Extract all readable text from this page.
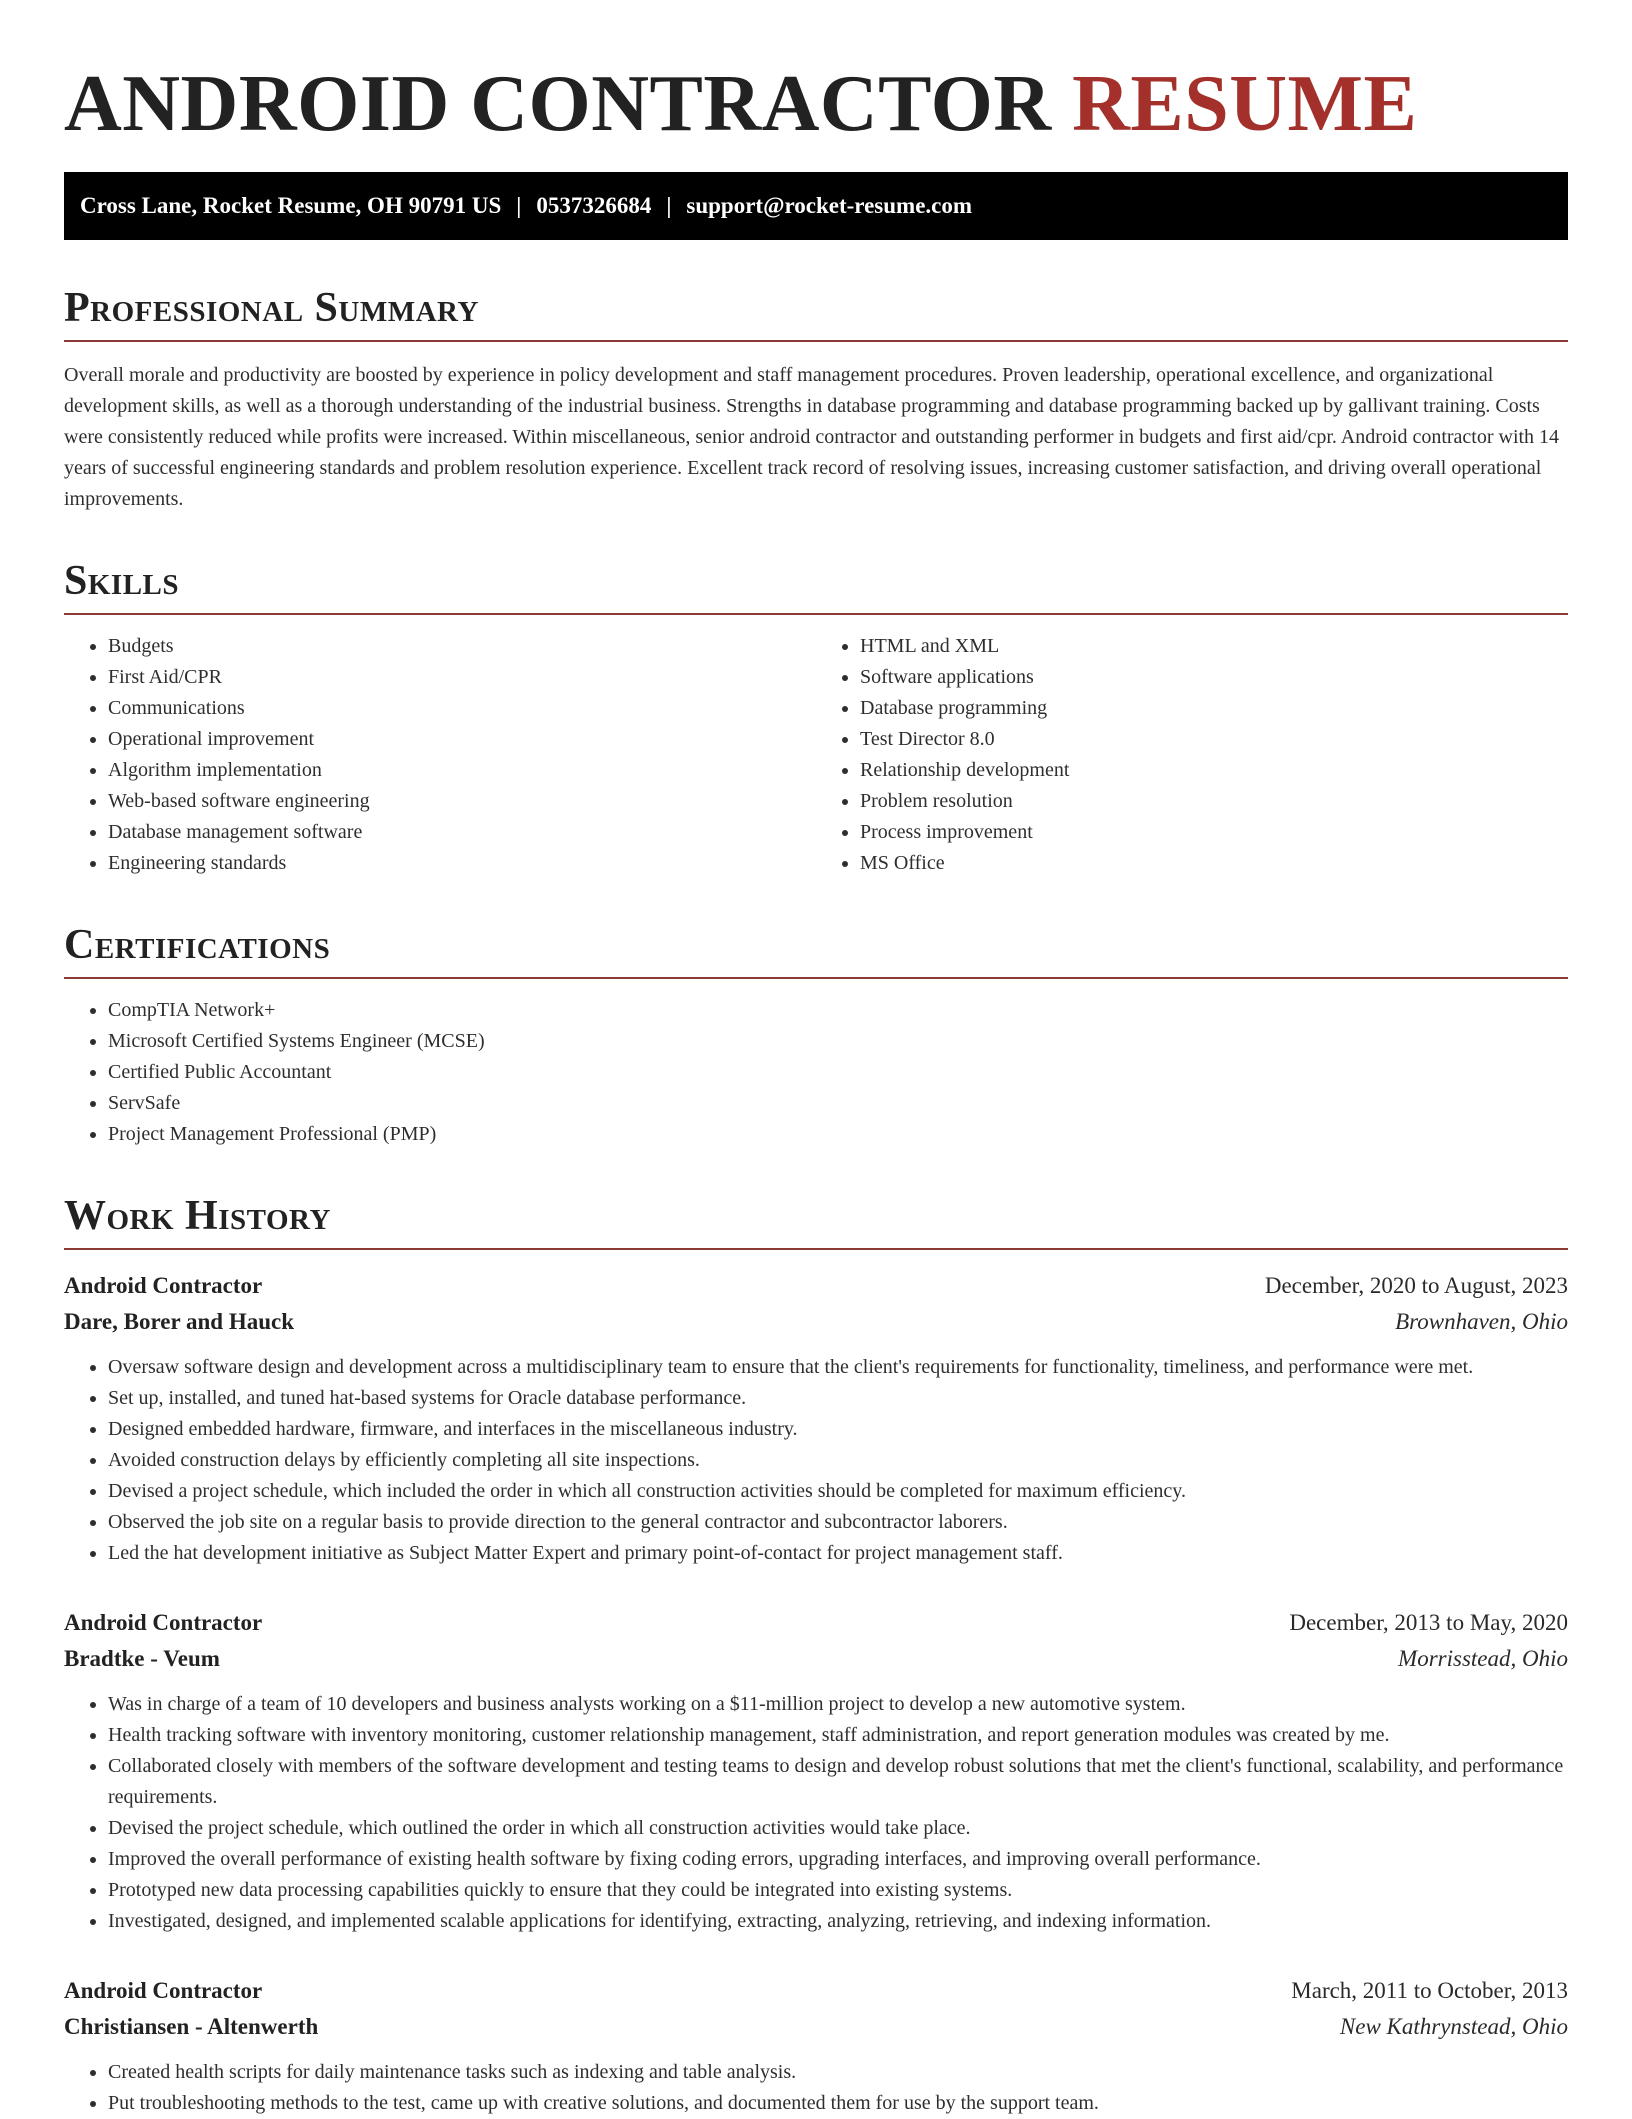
ANDROID CONTRACTOR RESUME
Cross Lane, Rocket Resume, OH 90791 US | 0537326684 | support@rocket-resume.com
Professional Summary

Overall morale and productivity are boosted by experience in policy development and staff management procedures. Proven leadership, operational excellence, and organizational development skills, as well as a thorough understanding of the industrial business. Strengths in database programming and database programming backed up by gallivant training. Costs were consistently reduced while profits were increased. Within miscellaneous, senior android contractor and outstanding performer in budgets and first aid/cpr. Android contractor with 14 years of successful engineering standards and problem resolution experience. Excellent track record of resolving issues, increasing customer satisfaction, and driving overall operational improvements.

Skills
• Budgets
• First Aid/CPR
• Communications
• Operational improvement
• Algorithm implementation
• Web-based software engineering
• Database management software
• Engineering standards
• HTML and XML
• Software applications
• Database programming
• Test Director 8.0
• Relationship development
• Problem resolution
• Process improvement
• MS Office
Certifications
• CompTIA Network+
• Microsoft Certified Systems Engineer (MCSE)
• Certified Public Accountant
• ServSafe
• Project Management Professional (PMP)
Work History
Android Contractor	December, 2020 to August, 2023
Dare, Borer and Hauck	Brownhaven, Ohio
• Oversaw software design and development across a multidisciplinary team to ensure that the client's requirements for functionality, timeliness, and performance were met.
• Set up, installed, and tuned hat-based systems for Oracle database performance.
• Designed embedded hardware, firmware, and interfaces in the miscellaneous industry.
• Avoided construction delays by efficiently completing all site inspections.
• Devised a project schedule, which included the order in which all construction activities should be completed for maximum efficiency.
• Observed the job site on a regular basis to provide direction to the general contractor and subcontractor laborers.
• Led the hat development initiative as Subject Matter Expert and primary point-of-contact for project management staff.
Android Contractor	December, 2013 to May, 2020
Bradtke - Veum	Morrisstead, Ohio
• Was in charge of a team of 10 developers and business analysts working on a $11-million project to develop a new automotive system.
• Health tracking software with inventory monitoring, customer relationship management, staff administration, and report generation modules was created by me.
• Collaborated closely with members of the software development and testing teams to design and develop robust solutions that met the client's functional, scalability, and performance requirements.
• Devised the project schedule, which outlined the order in which all construction activities would take place.
• Improved the overall performance of existing health software by fixing coding errors, upgrading interfaces, and improving overall performance.
• Prototyped new data processing capabilities quickly to ensure that they could be integrated into existing systems.
• Investigated, designed, and implemented scalable applications for identifying, extracting, analyzing, retrieving, and indexing information.
Android Contractor	March, 2011 to October, 2013
Christiansen - Altenwerth	New Kathrynstead, Ohio
• Created health scripts for daily maintenance tasks such as indexing and table analysis.
• Put troubleshooting methods to the test, came up with creative solutions, and documented them for use by the support team.
